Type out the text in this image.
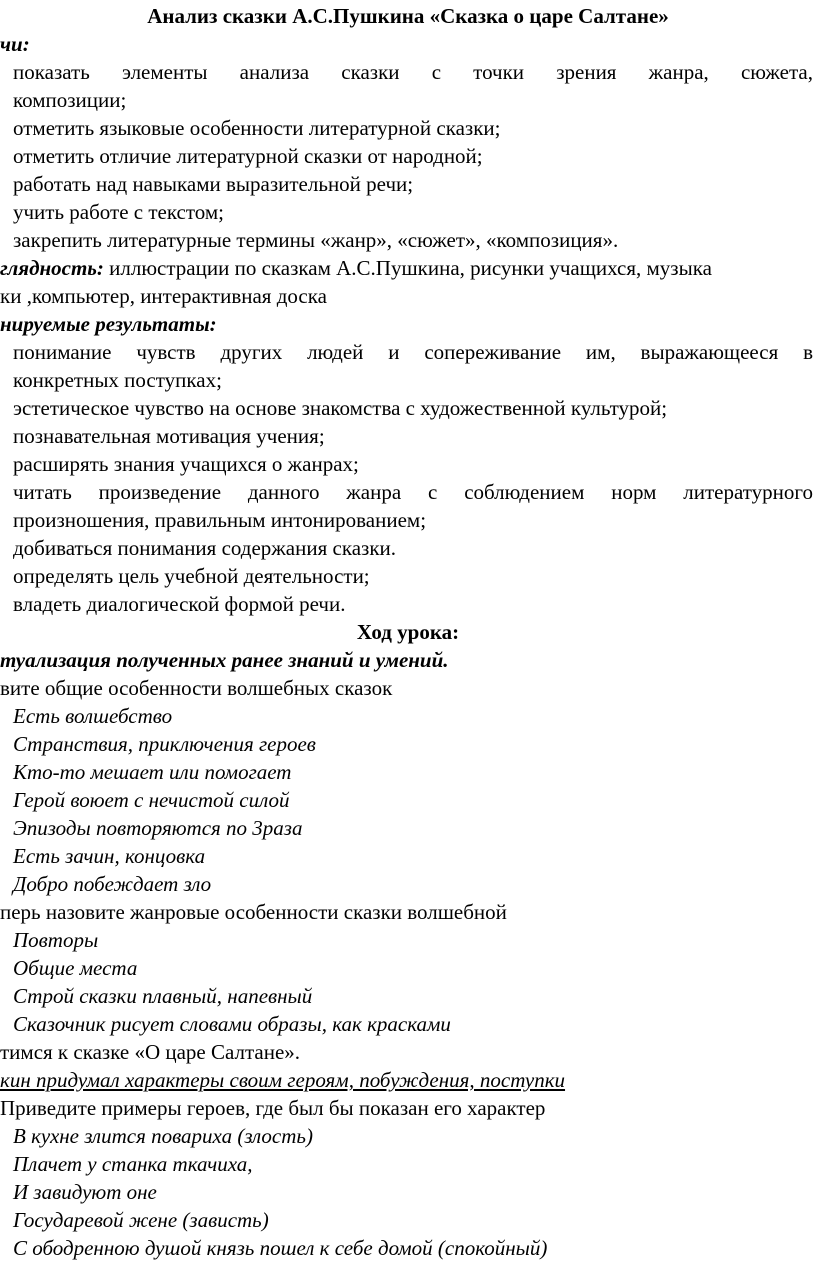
Анализ сказки А.С.Пушкина «Сказка о царе Салтане»
чи:
показать элементы анализа сказки с точки зрения жанра, сюжета,
композиции;
отметить языковые особенности литературной сказки;
отметить отличие литературной сказки от народной;
работать над навыками выразительной речи;
учить работе с текстом;
закрепить литературные термины «жанр», «сюжет», «композиция».
глядность: иллюстрации по сказкам А.С.Пушкина, рисунки учащихся, музыка
ки ,компьютер, интерактивная доска
нируемые результаты:
понимание чувств других людей и сопереживание им, выражающееся в
конкретных поступках;
эстетическое чувство на основе знакомства с художественной культурой;
познавательная мотивация учения;
расширять знания учащихся о жанрах;
читать произведение данного жанра с соблюдением норм литературного
произношения, правильным интонированием;
добиваться понимания содержания сказки.
определять цель учебной деятельности;
владеть диалогической формой речи.
Ход урока:
туализация полученных ранее знаний и умений.
вите общие особенности волшебных сказок
Есть волшебство
Странствия, приключения героев
Кто-то мешает или помогает
Герой воюет с нечистой силой
Эпизоды повторяются по 3раза
Есть зачин, концовка
Добро побеждает зло
перь назовите жанровые особенности сказки волшебной
Повторы
Общие места
Строй сказки плавный, напевный
Сказочник рисует словами образы, как красками
тимся к сказке «О царе Салтане».
кин придумал характеры своим героям, побуждения, поступки
Приведите примеры героев, где был бы показан его характер
В кухне злится повариха (злость)
Плачет у станка ткачиха,
И завидуют оне
Государевой жене (зависть)
С ободренною душой князь пошел к себе домой (спокойный)
